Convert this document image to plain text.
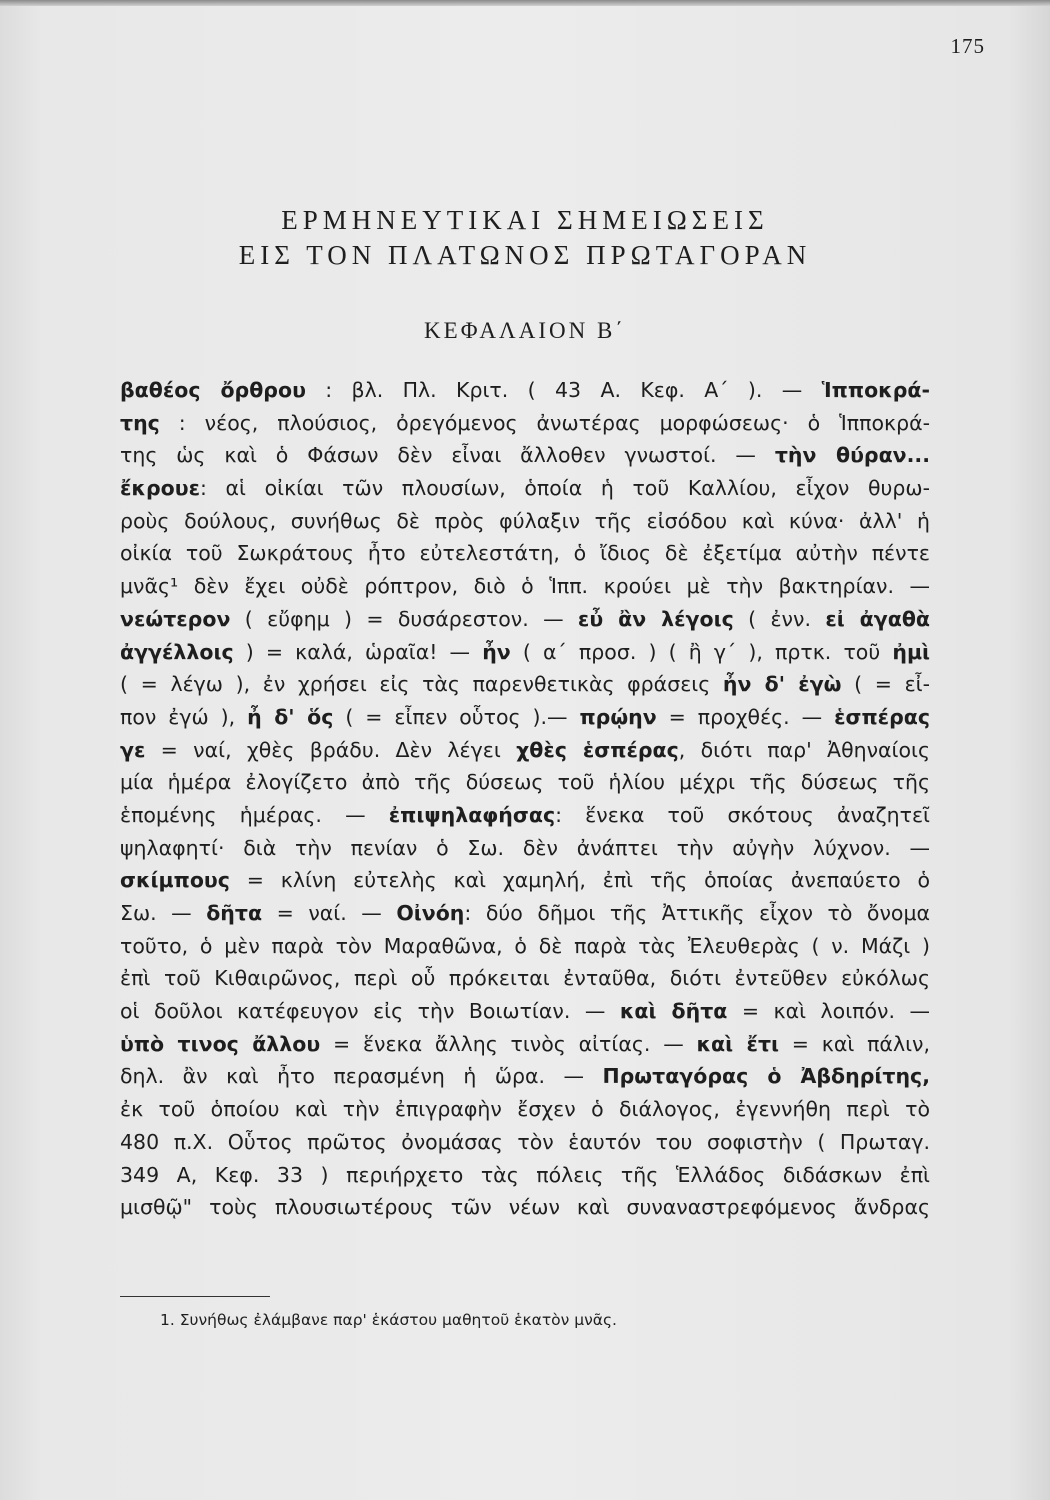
175
ΕΡΜΗΝΕΥΤΙΚΑΙ ΣΗΜΕΙΩΣΕΙΣ
ΕΙΣ ΤΟΝ ΠΛΑΤΩΝΟΣ ΠΡΩΤΑΓΟΡΑΝ
ΚΕΦΑΛΑΙΟΝ Β΄
βαθέος ὄρθρου : βλ. Πλ. Κριτ. ( 43 Α. Κεφ. Α΄ ). — Ἱπποκρά-
της : νέος, πλούσιος, ὀρεγόμενος ἀνωτέρας μορφώσεως· ὁ Ἱπποκρά-
της ὡς καὶ ὁ Φάσων δὲν εἶναι ἄλλοθεν γνωστοί. — τὴν θύραν...
ἔκρουε: αἱ οἰκίαι τῶν πλουσίων, ὁποία ἡ τοῦ Καλλίου, εἶχον θυρω-
ροὺς δούλους, συνήθως δὲ πρὸς φύλαξιν τῆς εἰσόδου καὶ κύνα· ἀλλ' ἡ
οἰκία τοῦ Σωκράτους ἦτο εὐτελεστάτη, ὁ ἴδιος δὲ ἐξετίμα αὐτὴν πέντε
μνᾶς¹ δὲν ἔχει οὐδὲ ρόπτρον, διὸ ὁ Ἱππ. κρούει μὲ τὴν βακτηρίαν. —
νεώτερον ( εὔφημ ) = δυσάρεστον. — εὖ ἂν λέγοις ( ἐνν. εἰ ἀγαθὰ
ἀγγέλλοις ) = καλά, ὡραῖα! — ἦν ( α΄ προσ. ) ( ἢ γ΄ ), πρτκ. τοῦ ἠμὶ
( = λέγω ), ἐν χρήσει εἰς τὰς παρενθετικὰς φράσεις ἦν δ' ἐγὼ ( = εἶ-
πον ἐγώ ), ἦ δ' ὅς ( = εἶπεν οὗτος ).— πρῴην = προχθές. — ἑσπέρας
γε = ναί, χθὲς βράδυ. Δὲν λέγει χθὲς ἑσπέρας, διότι παρ' Ἀθηναίοις
μία ἡμέρα ἐλογίζετο ἀπὸ τῆς δύσεως τοῦ ἡλίου μέχρι τῆς δύσεως τῆς
ἑπομένης ἡμέρας. — ἐπιψηλαφήσας: ἕνεκα τοῦ σκότους ἀναζητεῖ
ψηλαφητί· διὰ τὴν πενίαν ὁ Σω. δὲν ἀνάπτει τὴν αὐγὴν λύχνον. —
σκίμπους = κλίνη εὐτελὴς καὶ χαμηλή, ἐπὶ τῆς ὁποίας ἀνεπαύετο ὁ
Σω. — δῆτα = ναί. — Οἰνόη: δύο δῆμοι τῆς Ἀττικῆς εἶχον τὸ ὄνομα
τοῦτο, ὁ μὲν παρὰ τὸν Μαραθῶνα, ὁ δὲ παρὰ τὰς Ἐλευθερὰς ( ν. Μάζι )
ἐπὶ τοῦ Κιθαιρῶνος, περὶ οὗ πρόκειται ἐνταῦθα, διότι ἐντεῦθεν εὐκόλως
οἱ δοῦλοι κατέφευγον εἰς τὴν Βοιωτίαν. — καὶ δῆτα = καὶ λοιπόν. —
ὑπὸ τινος ἄλλου = ἕνεκα ἄλλης τινὸς αἰτίας. — καὶ ἔτι = καὶ πάλιν,
δηλ. ἂν καὶ ἦτο περασμένη ἡ ὥρα. — Πρωταγόρας ὁ Ἀβδηρίτης,
ἐκ τοῦ ὁποίου καὶ τὴν ἐπιγραφὴν ἔσχεν ὁ διάλογος, ἐγεννήθη περὶ τὸ
480 π.Χ. Οὗτος πρῶτος ὀνομάσας τὸν ἑαυτόν του σοφιστὴν ( Πρωταγ.
349 Α, Κεφ. 33 ) περιήρχετο τὰς πόλεις τῆς Ἑλλάδος διδάσκων ἐπὶ
μισθῷ" τοὺς πλουσιωτέρους τῶν νέων καὶ συναναστρεφόμενος ἄνδρας
1. Συνήθως ἐλάμβανε παρ' ἑκάστου μαθητοῦ ἑκατὸν μνᾶς.
